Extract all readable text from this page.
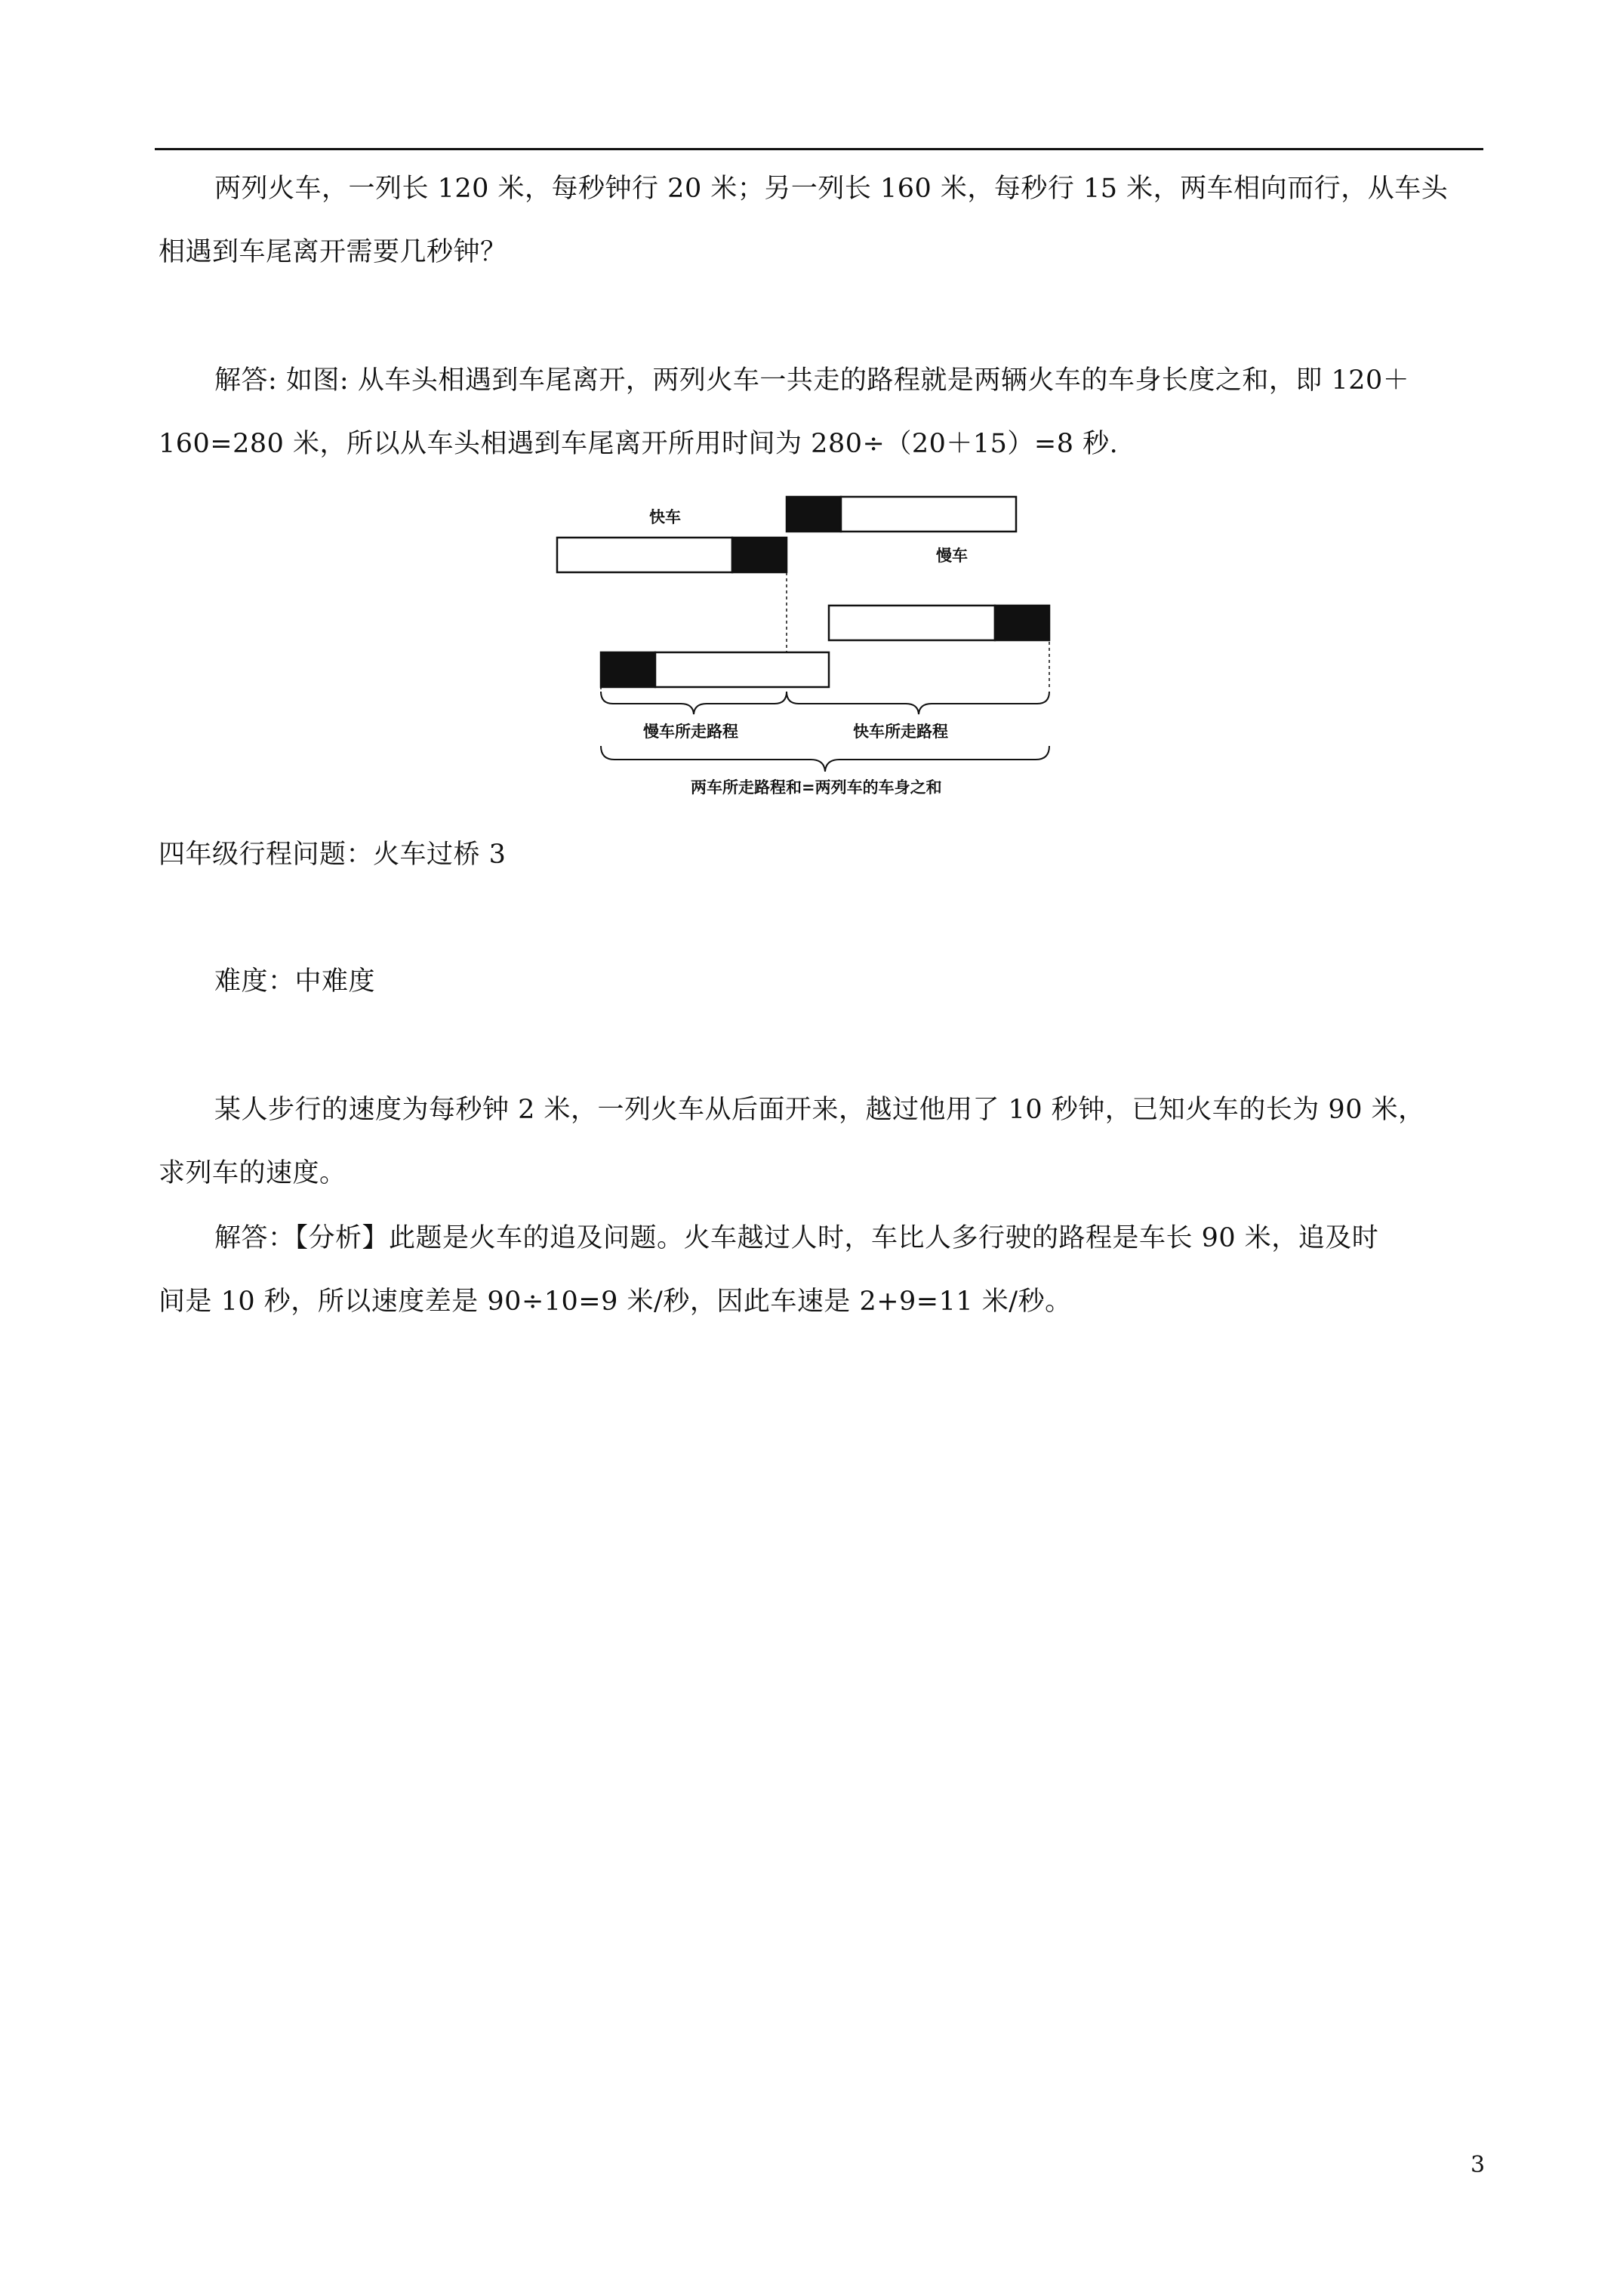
两列火车，一列长 120 米，每秒钟行 20 米；另一列长 160 米，每秒行 15 米，两车相向而行，从车头
相遇到车尾离开需要几秒钟？
解答: 如图: 从车头相遇到车尾离开，两列火车一共走的路程就是两辆火车的车身长度之和，即 120＋
160=280 米，所以从车头相遇到车尾离开所用时间为 280÷（20＋15）=8 秒.
快车
慢车
慢车所走路程	快车所走路程
两车所走路程和=两列车的车身之和
四年级行程问题：火车过桥 3
难度：中难度
某人步行的速度为每秒钟 2 米，一列火车从后面开来，越过他用了 10 秒钟，已知火车的长为 90 米，
求列车的速度。
解答：【分析】此题是火车的追及问题。火车越过人时，车比人多行驶的路程是车长 90 米，追及时
间是 10 秒，所以速度差是 90÷10=9 米/秒，因此车速是 2+9=11 米/秒。
3
